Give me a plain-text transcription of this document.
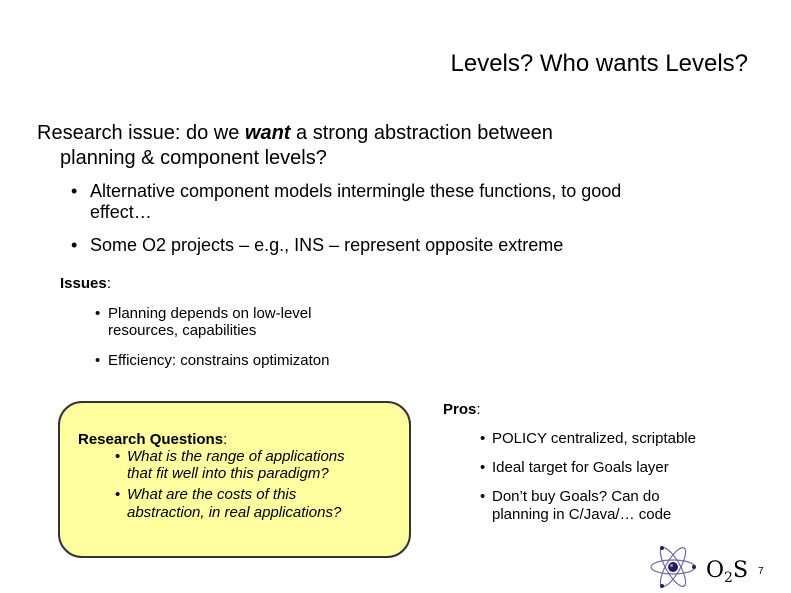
Levels? Who wants Levels?
Research issue: do we want a strong abstraction between
planning & component levels?
• Alternative component models intermingle these functions, to good
effect…
• Some O2 projects – e.g., INS – represent opposite extreme
Issues:
• Planning depends on low-level
resources, capabilities
• Efficiency: constrains optimizaton
Research Questions:
• What is the range of applications
that fit well into this paradigm?
• What are the costs of this
abstraction, in real applications?
Pros:
• POLICY centralized, scriptable
• Ideal target for Goals layer
• Don’t buy Goals? Can do
planning in C/Java/… code
$O_2S$ 7
